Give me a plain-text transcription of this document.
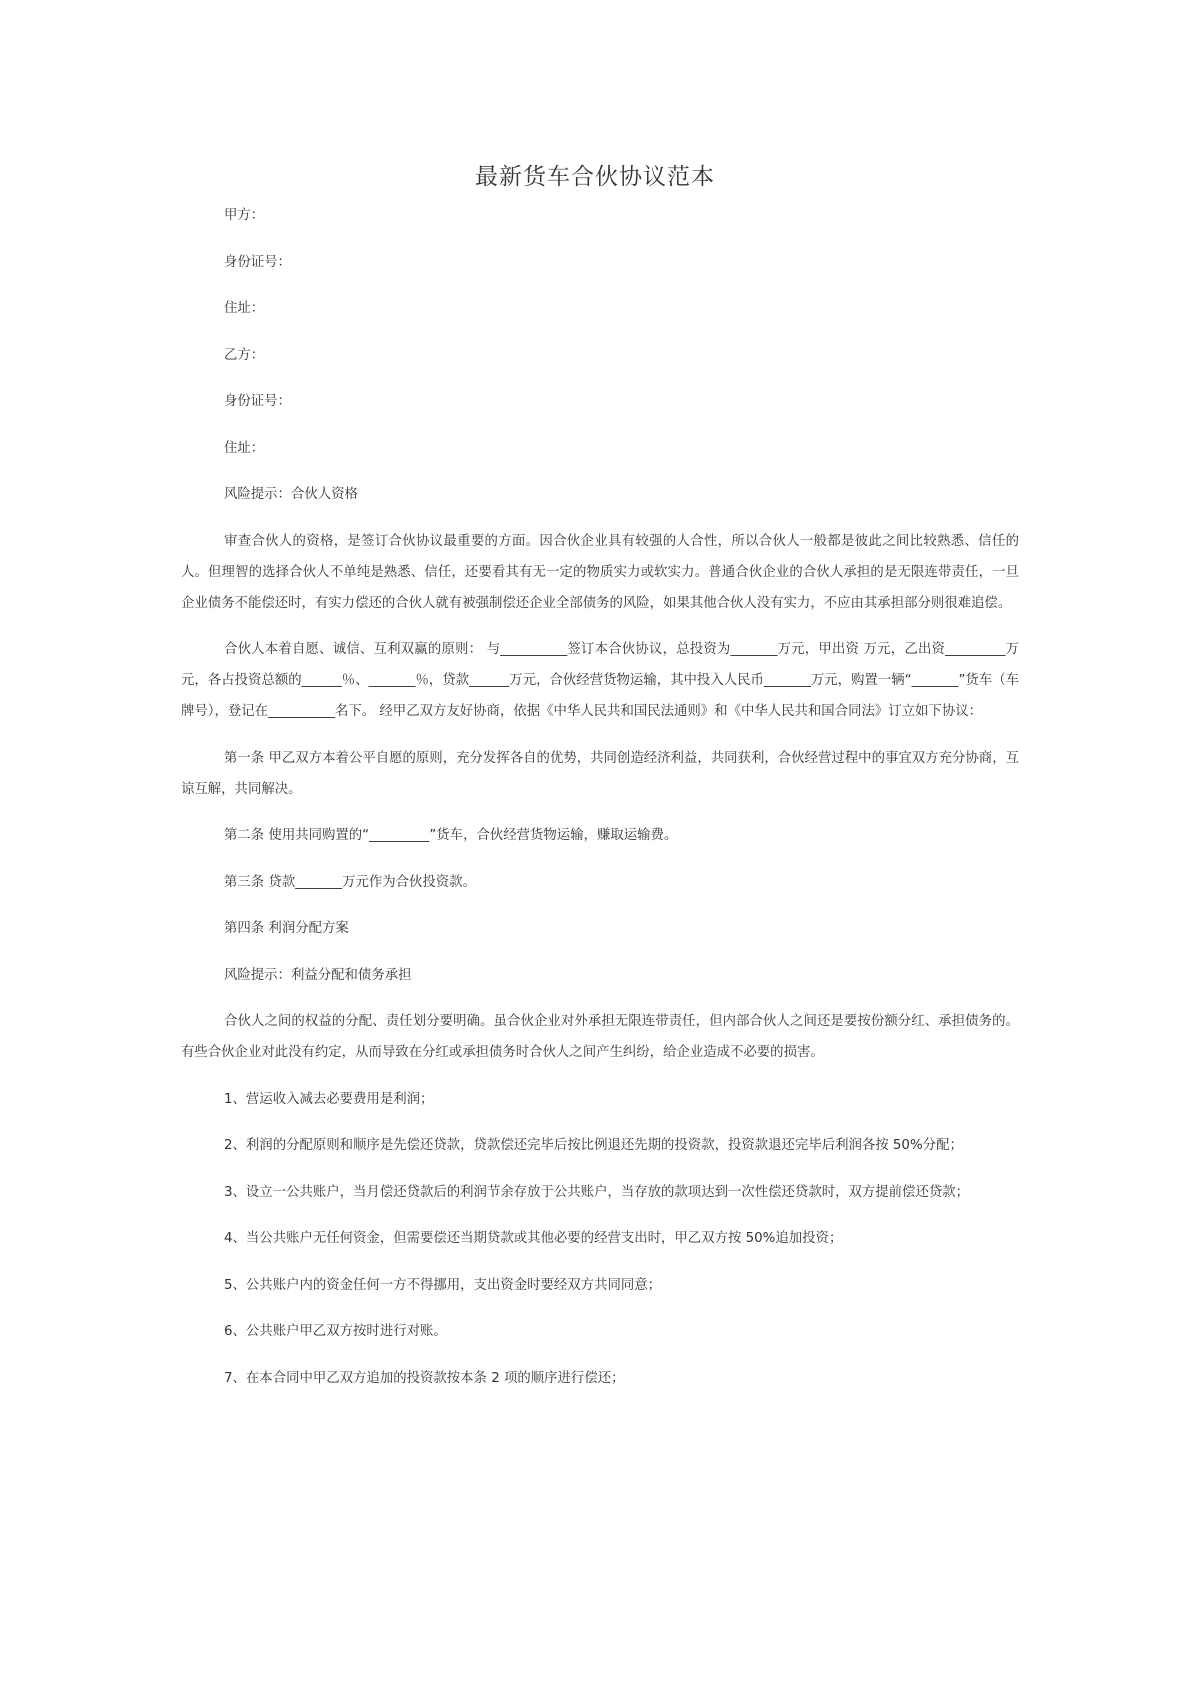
最新货车合伙协议范本

甲方：

身份证号：

住址：

乙方：

身份证号：

住址：

风险提示：合伙人资格

审查合伙人的资格，是签订合伙协议最重要的方面。因合伙企业具有较强的人合性，所以合伙人一般都是彼此之间比较熟悉、信任的人。但理智的选择合伙人不单纯是熟悉、信任，还要看其有无一定的物质实力或软实力。普通合伙企业的合伙人承担的是无限连带责任，一旦企业债务不能偿还时，有实力偿还的合伙人就有被强制偿还企业全部债务的风险，如果其他合伙人没有实力，不应由其承担部分则很难追偿。

合伙人本着自愿、诚信、互利双赢的原则： 与__________签订本合伙协议，总投资为_______万元，甲出资 万元，乙出资_________万元，各占投资总额的______％、_______％，贷款______万元，合伙经营货物运输，其中投入人民币_______万元，购置一辆“_______”货车（车牌号），登记在__________名下。 经甲乙双方友好协商，依据《中华人民共和国民法通则》和《中华人民共和国合同法》订立如下协议：

第一条 甲乙双方本着公平自愿的原则，充分发挥各自的优势，共同创造经济利益，共同获利，合伙经营过程中的事宜双方充分协商，互谅互解，共同解决。

第二条 使用共同购置的“_________”货车，合伙经营货物运输，赚取运输费。

第三条 贷款_______万元作为合伙投资款。

第四条 利润分配方案

风险提示：利益分配和债务承担

合伙人之间的权益的分配、责任划分要明确。虽合伙企业对外承担无限连带责任，但内部合伙人之间还是要按份额分红、承担债务的。有些合伙企业对此没有约定，从而导致在分红或承担债务时合伙人之间产生纠纷，给企业造成不必要的损害。

1、营运收入减去必要费用是利润；

2、利润的分配原则和顺序是先偿还贷款，贷款偿还完毕后按比例退还先期的投资款，投资款退还完毕后利润各按 50%分配；

3、设立一公共账户，当月偿还贷款后的利润节余存放于公共账户，当存放的款项达到一次性偿还贷款时，双方提前偿还贷款；

4、当公共账户无任何资金，但需要偿还当期贷款或其他必要的经营支出时，甲乙双方按 50%追加投资；

5、公共账户内的资金任何一方不得挪用，支出资金时要经双方共同同意；

6、公共账户甲乙双方按时进行对账。

7、在本合同中甲乙双方追加的投资款按本条 2 项的顺序进行偿还；
